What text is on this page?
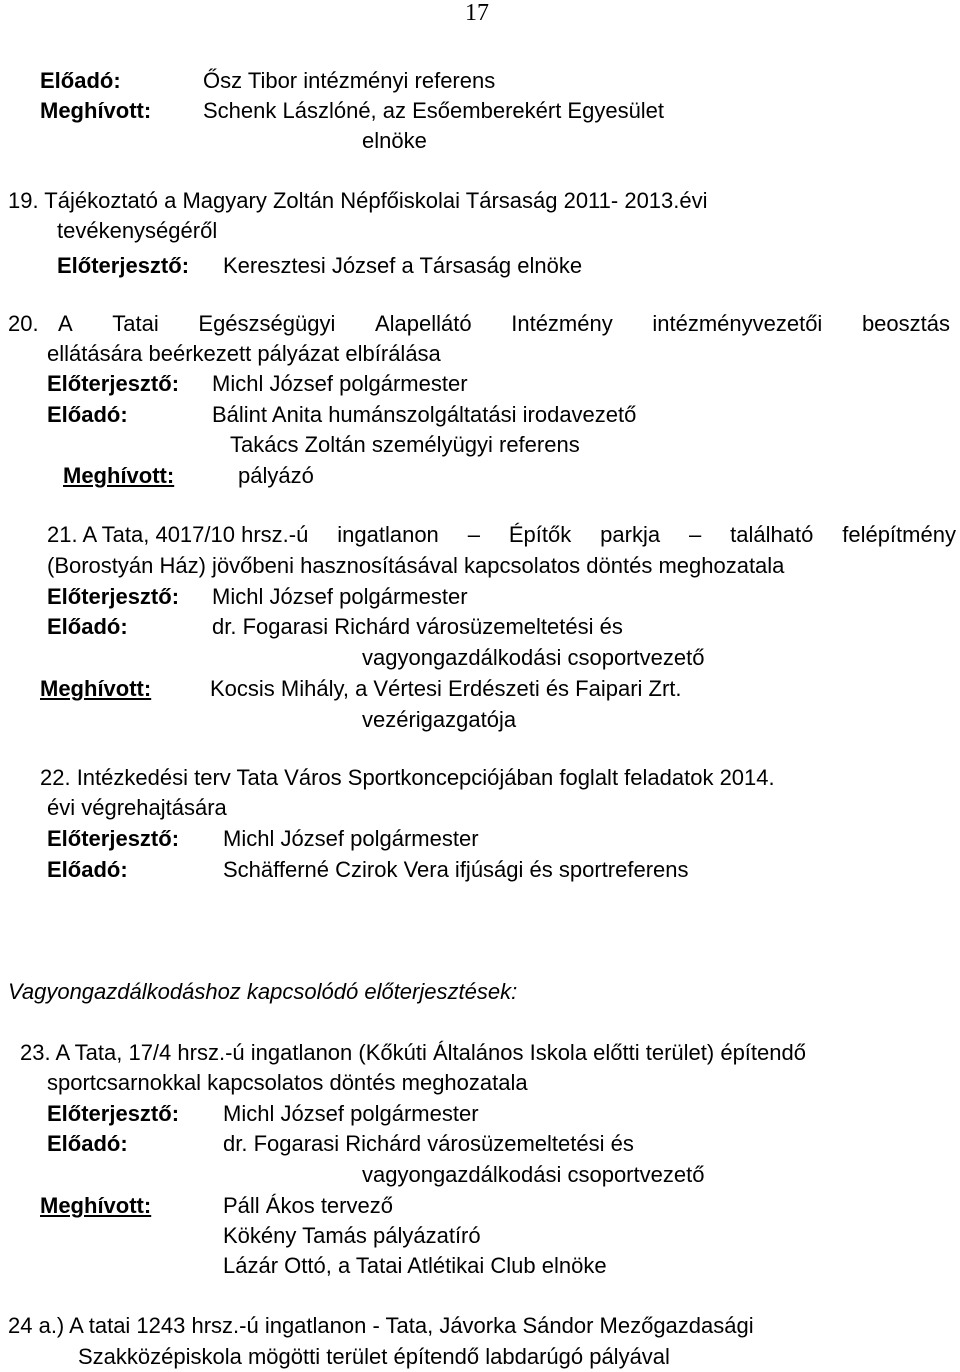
17
Előadó:	Ősz Tibor intézményi referens
Meghívott: Schenk Lászlóné, az Esőemberekért Egyesület
elnöke
19. Tájékoztató a Magyary Zoltán Népfőiskolai Társaság 2011- 2013.évi
tevékenységéről
Előterjesztő: Keresztesi József a Társaság elnöke
20. A Tatai Egészségügyi Alapellátó Intézmény intézményvezetői beosztás
ellátására beérkezett pályázat elbírálása
Előterjesztő: Michl József polgármester
Előadó:	Bálint Anita humánszolgáltatási irodavezető
Takács Zoltán személyügyi referens
Meghívott:	pályázó
21. A Tata, 4017/10 hrsz.-ú ingatlanon – Építők parkja – található felépítmény
(Borostyán Ház) jövőbeni hasznosításával kapcsolatos döntés meghozatala
Előterjesztő: Michl József polgármester
Előadó:	dr. Fogarasi Richárd városüzemeltetési és
vagyongazdálkodási csoportvezető
Meghívott:	Kocsis Mihály, a Vértesi Erdészeti és Faipari Zrt.
vezérigazgatója
22. Intézkedési terv Tata Város Sportkoncepciójában foglalt feladatok 2014.
évi végrehajtására
Előterjesztő: Michl József polgármester
Előadó:	Schäfferné Czirok Vera ifjúsági és sportreferens
Vagyongazdálkodáshoz kapcsolódó előterjesztések:
23. A Tata, 17/4 hrsz.-ú ingatlanon (Kőkúti Általános Iskola előtti terület) építendő
sportcsarnokkal kapcsolatos döntés meghozatala
Előterjesztő: Michl József polgármester
Előadó:	dr. Fogarasi Richárd városüzemeltetési és
vagyongazdálkodási csoportvezető
Meghívott:	Páll Ákos tervező
Kökény Tamás pályázatíró
Lázár Ottó, a Tatai Atlétikai Club elnöke
24 a.) A tatai 1243 hrsz.-ú ingatlanon - Tata, Jávorka Sándor Mezőgazdasági
Szakközépiskola mögötti terület építendő labdarúgó pályával
